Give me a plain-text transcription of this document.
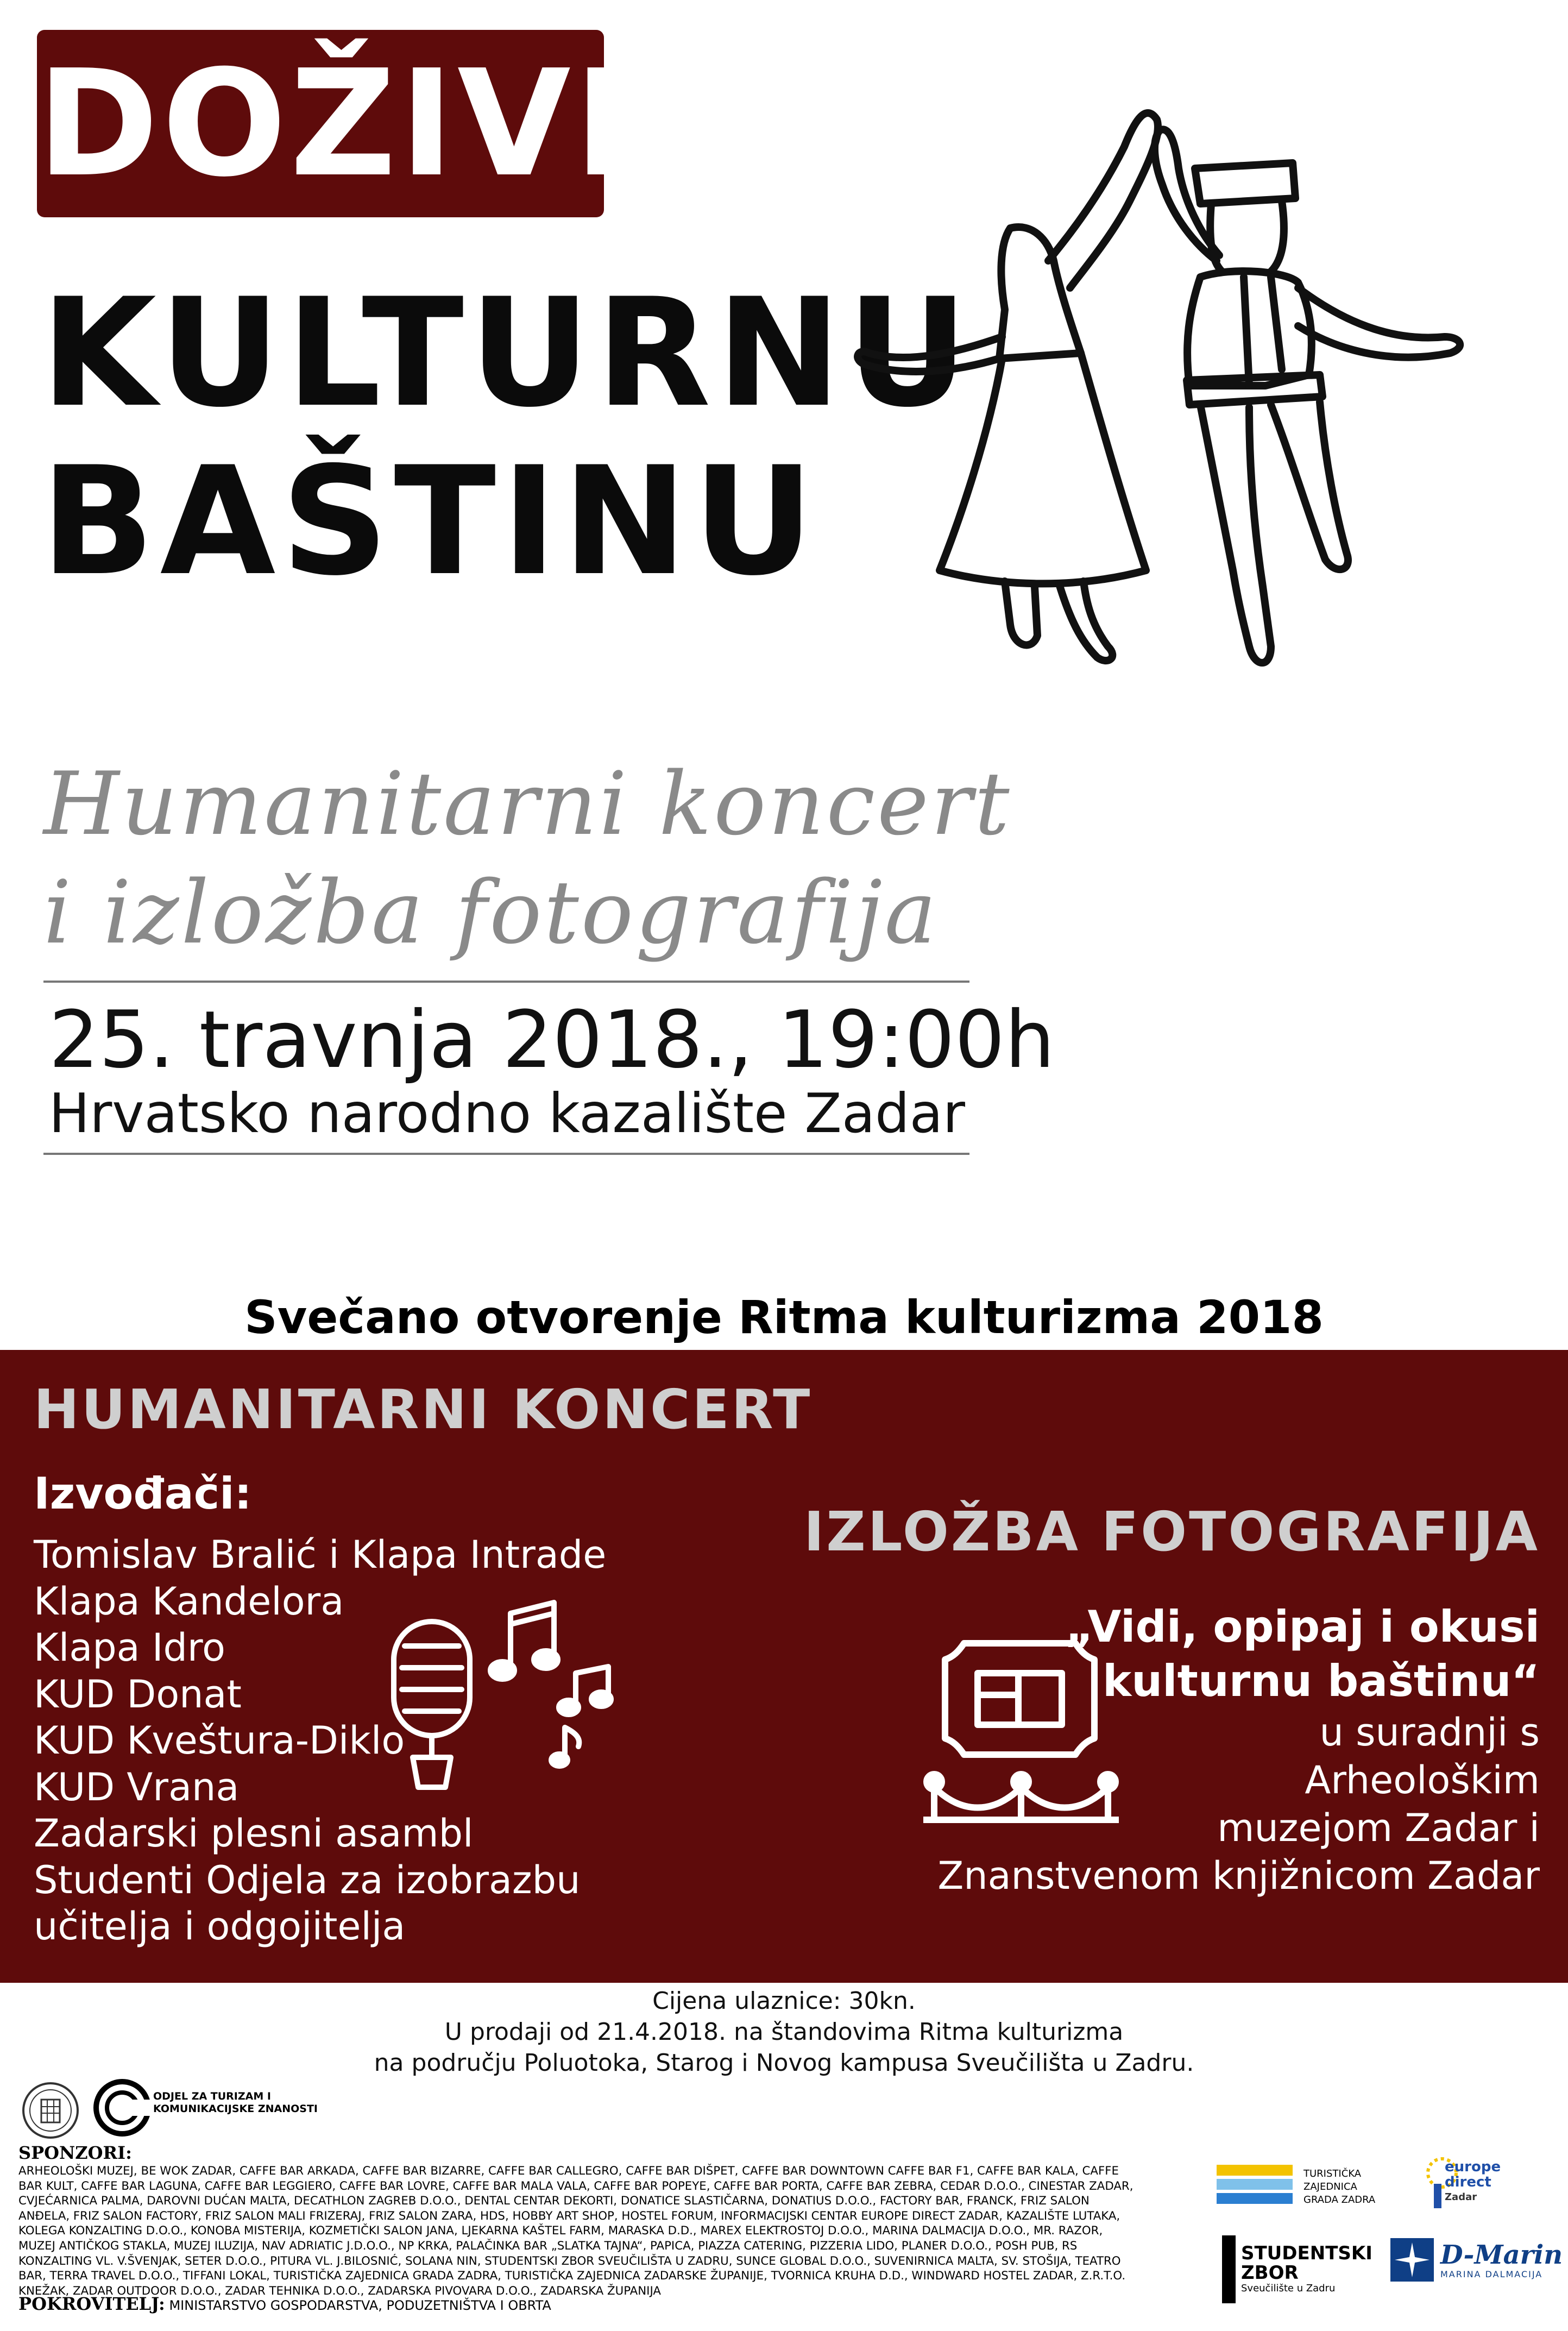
DOŽIVI
KULTURNU
BAŠTINU
Humanitarni koncert
i izložba fotografija
25. travnja 2018., 19:00h
Hrvatsko narodno kazalište Zadar
Svečano otvorenje Ritma kulturizma 2018
HUMANITARNI KONCERT
Izvođači:
Tomislav Bralić i Klapa Intrade
Klapa Kandelora
Klapa Idro
KUD Donat
KUD Kveštura-Diklo
KUD Vrana
Zadarski plesni asambl
Studenti Odjela za izobrazbu
učitelja i odgojitelja
IZLOŽBA FOTOGRAFIJA
„Vidi, opipaj i okusi
kulturnu baštinu“
u suradnji s
Arheološkim
muzejom Zadar i
Znanstvenom knjižnicom Zadar
Cijena ulaznice: 30kn.
U prodaji od 21.4.2018. na štandovima Ritma kulturizma
na području Poluotoka, Starog i Novog kampusa Sveučilišta u Zadru.
ODJEL ZA TURIZAM I
KOMUNIKACIJSKE ZNANOSTI
SPONZORI:
ARHEOLOŠKI MUZEJ, BE WOK ZADAR, CAFFE BAR ARKADA, CAFFE BAR BIZARRE, CAFFE BAR CALLEGRO, CAFFE BAR DIŠPET, CAFFE BAR DOWNTOWN CAFFE BAR F1, CAFFE BAR KALA, CAFFE BAR KULT, CAFFE BAR LAGUNA, CAFFE BAR LEGGIERO, CAFFE BAR LOVRE, CAFFE BAR MALA VALA, CAFFE BAR POPEYE, CAFFE BAR PORTA, CAFFE BAR ZEBRA, CEDAR D.O.O., CINESTAR ZADAR, CVJEĆARNICA PALMA, DAROVNI DUĆAN MALTA, DECATHLON ZAGREB D.O.O., DENTAL CENTAR DEKORTI, DONATICE SLASTIČARNA, DONATIUS D.O.O., FACTORY BAR, FRANCK, FRIZ SALON ANĐELA, FRIZ SALON FACTORY, FRIZ SALON MALI FRIZERAJ, FRIZ SALON ZARA, HDS, HOBBY ART SHOP, HOSTEL FORUM, INFORMACIJSKI CENTAR EUROPE DIRECT ZADAR, KAZALIŠTE LUTAKA, KOLEGA KONZALTING D.O.O., KONOBA MISTERIJA, KOZMETIČKI SALON JANA, LJEKARNA KAŠTEL FARM, MARASKA D.D., MAREX ELEKTROSTOJ D.O.O., MARINA DALMACIJA D.O.O., MR. RAZOR, MUZEJ ANTIČKOG STAKLA, MUZEJ ILUZIJA, NAV ADRIATIC J.D.O.O., NP KRKA, PALAČINKA BAR „SLATKA TAJNA“, PAPICA, PIAZZA CATERING, PIZZERIA LIDO, PLANER D.O.O., POSH PUB, RS KONZALTING VL. V.ŠVENJAK, SETER D.O.O., PITURA VL. J.BILOSNIĆ, SOLANA NIN, STUDENTSKI ZBOR SVEUČILIŠTA U ZADRU, SUNCE GLOBAL D.O.O., SUVENIRNICA MALTA, SV. STOŠIJA, TEATRO BAR, TERRA TRAVEL D.O.O., TIFFANI LOKAL, TURISTIČKA ZAJEDNICA GRADA ZADRA, TURISTIČKA ZAJEDNICA ZADARSKE ŽUPANIJE, TVORNICA KRUHA D.D., WINDWARD HOSTEL ZADAR, Z.R.T.O. KNEŽAK, ZADAR OUTDOOR D.O.O., ZADAR TEHNIKA D.O.O., ZADARSKA PIVOVARA D.O.O., ZADARSKA ŽUPANIJA
POKROVITELJ: MINISTARSTVO GOSPODARSTVA, PODUZETNIŠTVA I OBRTA
TURISTIČKA
ZAJEDNICA
GRADA ZADRA
europe
direct
Zadar
STUDENTSKI
ZBOR
Sveučilište u Zadru
D-Marin
MARINA DALMACIJA
